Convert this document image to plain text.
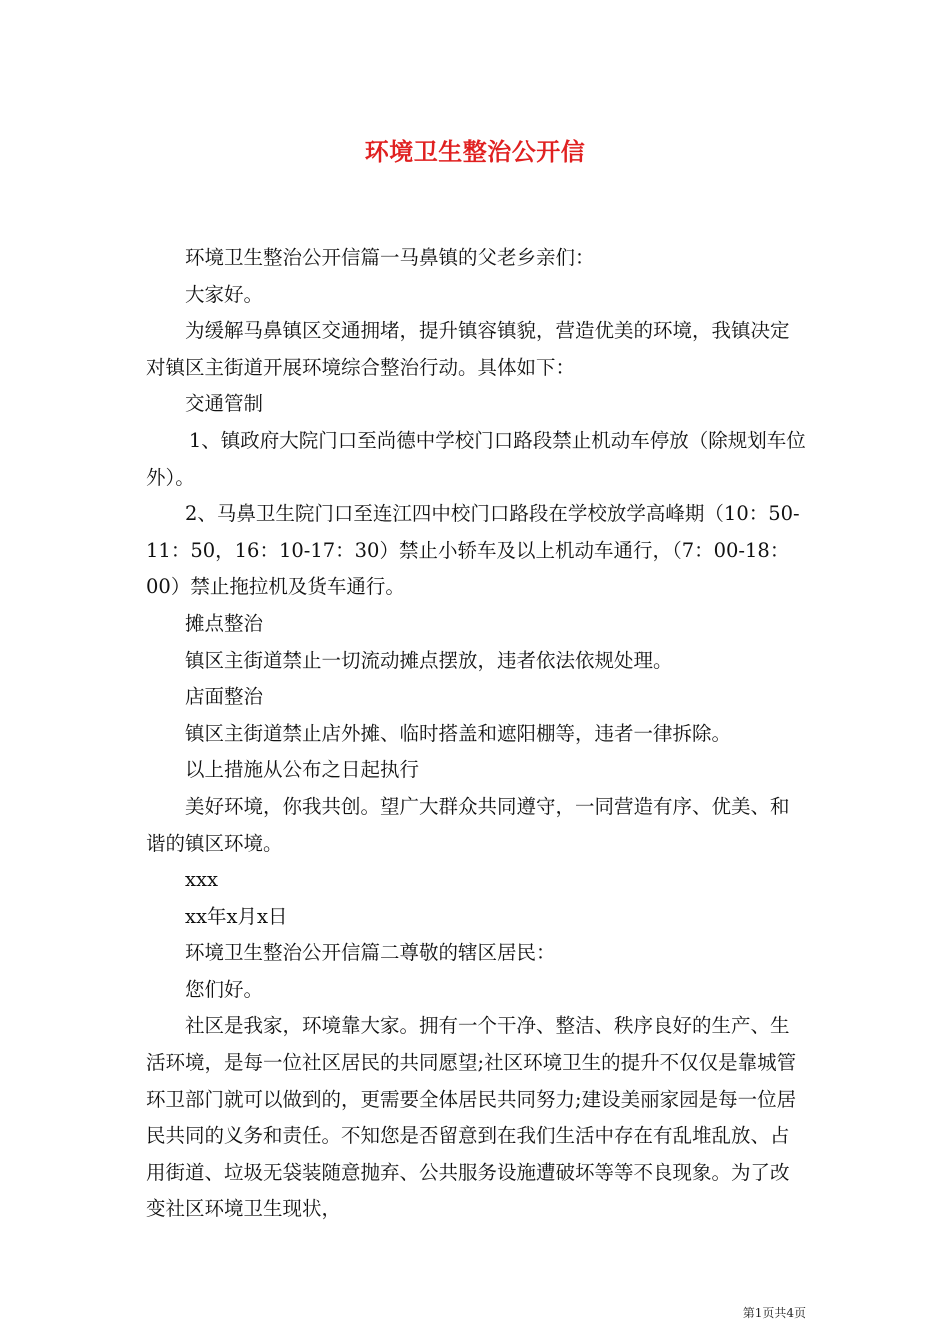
环境卫生整治公开信

环境卫生整治公开信篇一马鼻镇的父老乡亲们：

大家好。

为缓解马鼻镇区交通拥堵，提升镇容镇貌，营造优美的环境，我镇决定对镇区主街道开展环境综合整治行动。具体如下：

交通管制

1、镇政府大院门口至尚德中学校门口路段禁止机动车停放（除规划车位外）。

2、马鼻卫生院门口至连江四中校门口路段在学校放学高峰期（10：50-11：50，16：10-17：30）禁止小轿车及以上机动车通行，（7：00-18：00）禁止拖拉机及货车通行。

摊点整治

镇区主街道禁止一切流动摊点摆放，违者依法依规处理。

店面整治

镇区主街道禁止店外摊、临时搭盖和遮阳棚等，违者一律拆除。

以上措施从公布之日起执行

美好环境，你我共创。望广大群众共同遵守，一同营造有序、优美、和谐的镇区环境。

xxx

xx年x月x日

环境卫生整治公开信篇二尊敬的辖区居民：

您们好。

社区是我家，环境靠大家。拥有一个干净、整洁、秩序良好的生产、生活环境，是每一位社区居民的共同愿望;社区环境卫生的提升不仅仅是靠城管环卫部门就可以做到的，更需要全体居民共同努力;建设美丽家园是每一位居民共同的义务和责任。不知您是否留意到在我们生活中存在有乱堆乱放、占用街道、垃圾无袋装随意抛弃、公共服务设施遭破坏等等不良现象。为了改变社区环境卫生现状，

第1页共4页
